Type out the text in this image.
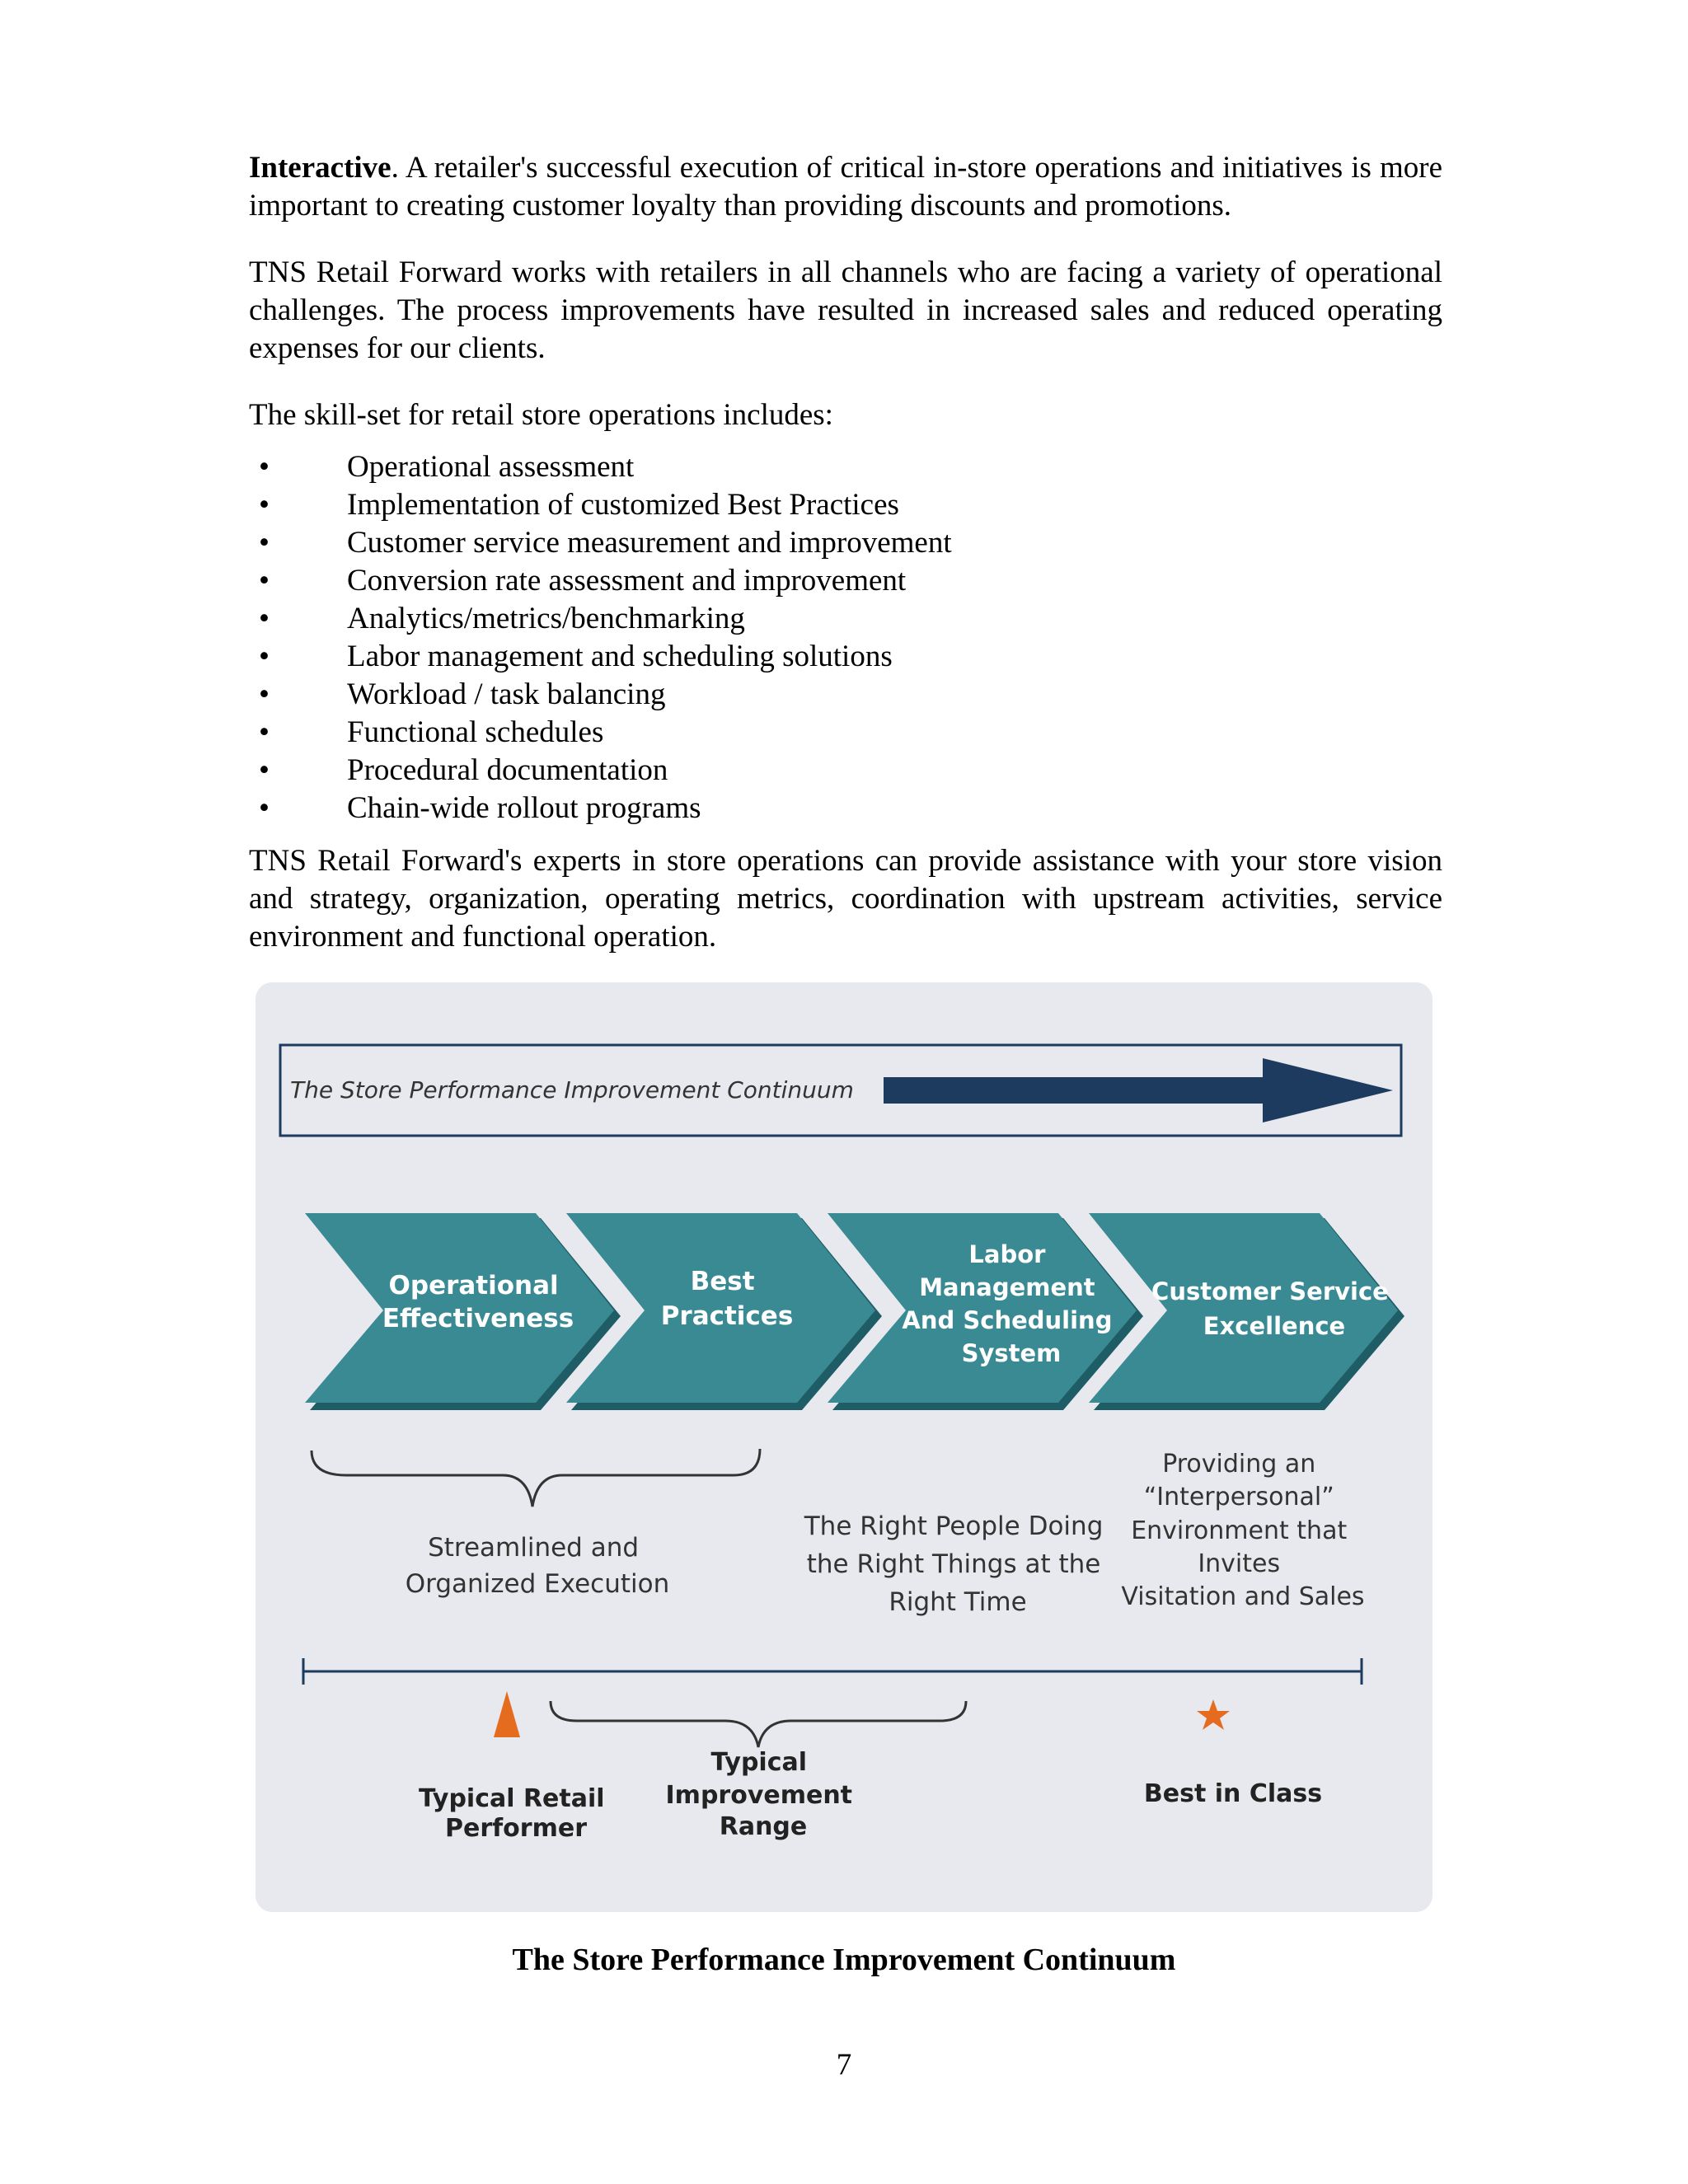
Interactive. A retailer's successful execution of critical in-store operations and initiatives is more important to creating customer loyalty than providing discounts and promotions.

TNS Retail Forward works with retailers in all channels who are facing a variety of operational challenges. The process improvements have resulted in increased sales and reduced operating expenses for our clients.

The skill-set for retail store operations includes:

• Operational assessment
• Implementation of customized Best Practices
• Customer service measurement and improvement
• Conversion rate assessment and improvement
• Analytics/metrics/benchmarking
• Labor management and scheduling solutions
• Workload / task balancing
• Functional schedules
• Procedural documentation
• Chain-wide rollout programs

TNS Retail Forward's experts in store operations can provide assistance with your store vision and strategy, organization, operating metrics, coordination with upstream activities, service environment and functional operation.

The Store Performance Improvement Continuum
Operational Effectiveness
Best Practices
Labor Management And Scheduling System
Customer Service Excellence
Streamlined and Organized Execution
The Right People Doing the Right Things at the Right Time
Providing an “Interpersonal” Environment that Invites Visitation and Sales
Typical Retail Performer
Typical Improvement Range
Best in Class
The Store Performance Improvement Continuum
7
